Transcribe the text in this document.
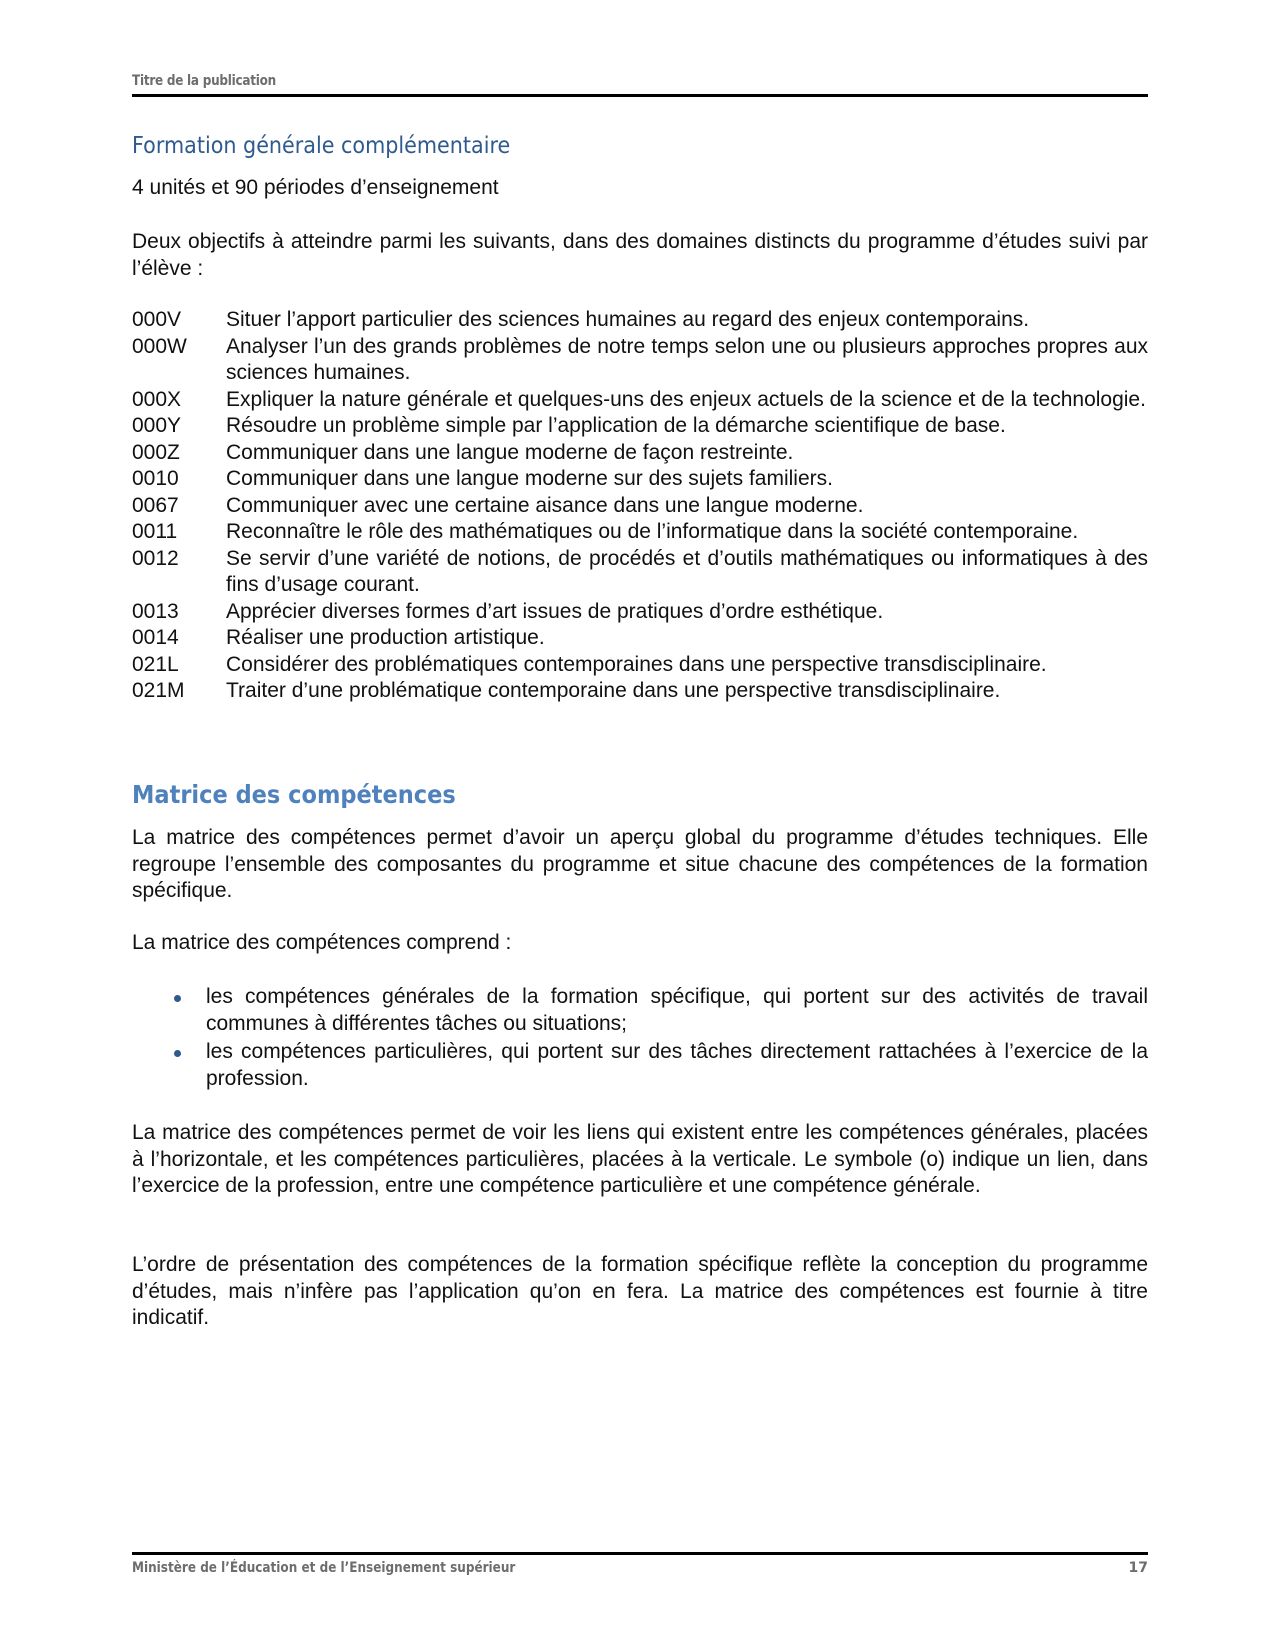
Titre de la publication
Formation générale complémentaire
4 unités et 90 périodes d’enseignement
Deux objectifs à atteindre parmi les suivants, dans des domaines distincts du programme d’études suivi par l’élève :
000V	Situer l’apport particulier des sciences humaines au regard des enjeux contemporains.
000W	Analyser l’un des grands problèmes de notre temps selon une ou plusieurs approches propres aux sciences humaines.
000X	Expliquer la nature générale et quelques-uns des enjeux actuels de la science et de la technologie.
000Y	Résoudre un problème simple par l’application de la démarche scientifique de base.
000Z	Communiquer dans une langue moderne de façon restreinte.
0010	Communiquer dans une langue moderne sur des sujets familiers.
0067	Communiquer avec une certaine aisance dans une langue moderne.
0011	Reconnaître le rôle des mathématiques ou de l’informatique dans la société contemporaine.
0012	Se servir d’une variété de notions, de procédés et d’outils mathématiques ou informatiques à des fins d’usage courant.
0013	Apprécier diverses formes d’art issues de pratiques d’ordre esthétique.
0014	Réaliser une production artistique.
021L	Considérer des problématiques contemporaines dans une perspective transdisciplinaire.
021M	Traiter d’une problématique contemporaine dans une perspective transdisciplinaire.
Matrice des compétences
La matrice des compétences permet d’avoir un aperçu global du programme d’études techniques. Elle regroupe l’ensemble des composantes du programme et situe chacune des compétences de la formation spécifique.
La matrice des compétences comprend :
les compétences générales de la formation spécifique, qui portent sur des activités de travail communes à différentes tâches ou situations;
les compétences particulières, qui portent sur des tâches directement rattachées à l’exercice de la profession.
La matrice des compétences permet de voir les liens qui existent entre les compétences générales, placées à l’horizontale, et les compétences particulières, placées à la verticale. Le symbole (o) indique un lien, dans l’exercice de la profession, entre une compétence particulière et une compétence générale.
L’ordre de présentation des compétences de la formation spécifique reflète la conception du programme d’études, mais n’infère pas l’application qu’on en fera. La matrice des compétences est fournie à titre indicatif.
Ministère de l’Éducation et de l’Enseignement supérieur	17
